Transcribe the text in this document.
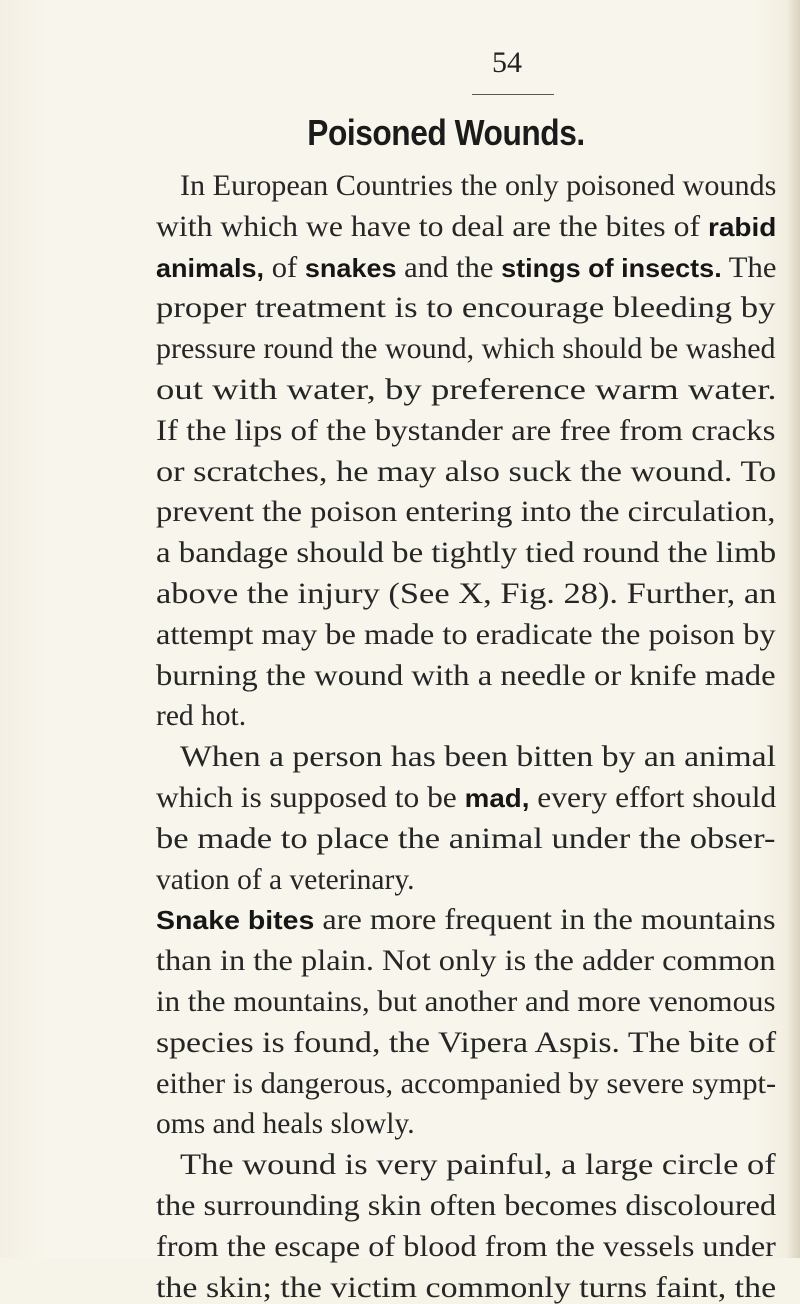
54
Poisoned Wounds.
In European Countries the only poisoned wounds
with which we have to deal are the bites of rabid
animals, of snakes and the stings of insects. The
proper treatment is to encourage bleeding by
pressure round the wound, which should be washed
out with water, by preference warm water.
If the lips of the bystander are free from cracks
or scratches, he may also suck the wound. To
prevent the poison entering into the circulation,
a bandage should be tightly tied round the limb
above the injury (See X, Fig. 28). Further, an
attempt may be made to eradicate the poison by
burning the wound with a needle or knife made
red hot.
When a person has been bitten by an animal
which is supposed to be mad, every effort should
be made to place the animal under the obser-
vation of a veterinary.
Snake bites are more frequent in the mountains
than in the plain. Not only is the adder common
in the mountains, but another and more venomous
species is found, the Vipera Aspis. The bite of
either is dangerous, accompanied by severe sympt-
oms and heals slowly.
The wound is very painful, a large circle of
the surrounding skin often becomes discoloured
from the escape of blood from the vessels under
the skin; the victim commonly turns faint, the
